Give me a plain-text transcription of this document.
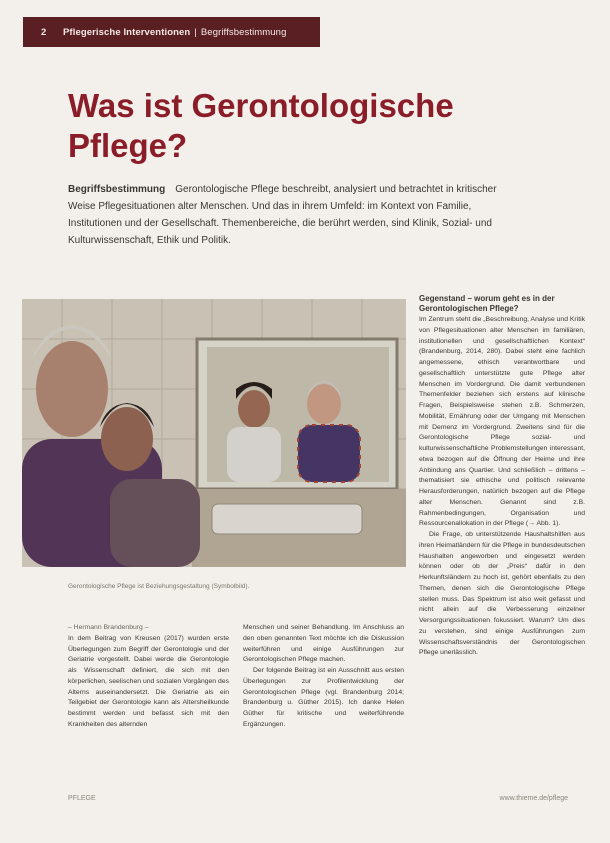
2	Pflegerische Interventionen | Begriffsbestimmung
Was ist Gerontologische Pflege?

Begriffsbestimmung Gerontologische Pflege beschreibt, analysiert und betrachtet in kritischer Weise Pflegesituationen alter Menschen. Und das in ihrem Umfeld: im Kontext von Familie, Institutionen und der Gesellschaft. Themenbereiche, die berührt werden, sind Klinik, Sozial- und Kulturwissenschaft, Ethik und Politik.

Gerontologische Pflege ist Beziehungsgestaltung (Symbolbild).

Gegenstand – worum geht es in der Gerontologischen Pflege?

Im Zentrum steht die „Beschreibung, Analyse und Kritik von Pflegesituationen alter Menschen im familiären, institutionellen und gesellschaftlichen Kontext“ (Brandenburg, 2014, 280). Dabei steht eine fachlich angemessene, ethisch verantwortbare und gesellschaftlich unterstützte gute Pflege alter Menschen im Vordergrund. Die damit verbundenen Themenfelder beziehen sich erstens auf klinische Fragen, Beispielsweise stehen z.B. Schmerzen, Mobilität, Ernährung oder der Umgang mit Menschen mit Demenz im Vordergrund. Zweitens sind für die Gerontologische Pflege sozial- und kulturwissenschaftliche Problemstellungen interessant, etwa bezogen auf die Öffnung der Heime und ihre Anbindung ans Quartier. Und schließlich – drittens – thematisiert sie ethische und politisch relevante Herausforderungen, natürlich bezogen auf die Pflege alter Menschen. Genannt sind z.B. Rahmenbedingungen, Organisation und Ressourcenallokation in der Pflege (→ Abb. 1).

Die Frage, ob unterstützende Haushaltshilfen aus ihren Heimatländern für die Pflege in bundesdeutschen Haushalten angeworben und eingesetzt werden können oder ob der „Preis“ dafür in den Herkunftsländern zu hoch ist, gehört ebenfalls zu den Themen, denen sich die Gerontologische Pflege stellen muss. Das Spektrum ist also weit gefasst und nicht allein auf die Verbesserung einzelner Versorgungssituationen fokussiert. Warum? Um dies zu verstehen, sind einige Ausführungen zum Wissenschaftsverständnis der Gerontologischen Pflege unerlässlich.

– Hermann Brandenburg –

In dem Beitrag von Kreusen (2017) wurden erste Überlegungen zum Begriff der Gerontologie und der Geriatrie vorgestellt. Dabei werde die Gerontologie als Wissenschaft definiert, die sich mit den körperlichen, seelischen und sozialen Vorgängen des Alterns auseinandersetzt. Die Geriatrie als ein Teilgebiet der Gerontologie kann als Altersheilkunde bestimmt werden und befasst sich mit den Krankheiten des alternden

Menschen und seiner Behandlung. Im Anschluss an den oben genannten Text möchte ich die Diskussion weiterführen und einige Ausführungen zur Gerontologischen Pflege machen.

Der folgende Beitrag ist ein Ausschnitt aus ersten Überlegungen zur Profilentwicklung der Gerontologischen Pflege (vgl. Brandenburg 2014; Brandenburg u. Güther 2015). Ich danke Helen Güther für kritische und weiterführende Ergänzungen.

PFLEGE	www.thieme.de/pflege
